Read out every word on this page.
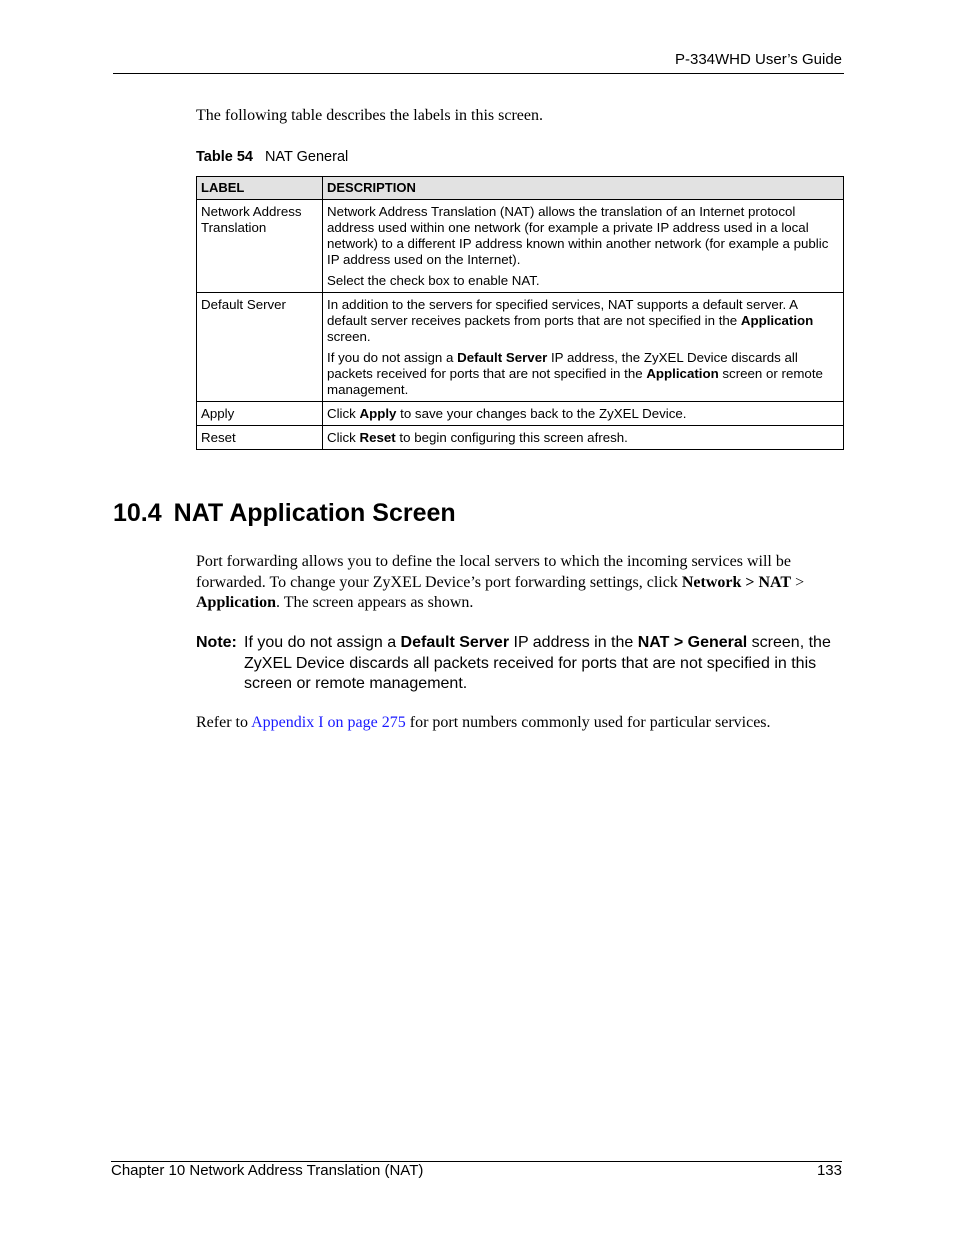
P-334WHD User’s Guide
The following table describes the labels in this screen.
Table 54 NAT General
LABEL	DESCRIPTION
Network Address Translation	Network Address Translation (NAT) allows the translation of an Internet protocol address used within one network (for example a private IP address used in a local network) to a different IP address known within another network (for example a public IP address used on the Internet).

Select the check box to enable NAT.

Default Server	In addition to the servers for specified services, NAT supports a default server. A default server receives packets from ports that are not specified in the Application screen.

If you do not assign a Default Server IP address, the ZyXEL Device discards all packets received for ports that are not specified in the Application screen or remote management.

Apply	Click Apply to save your changes back to the ZyXEL Device.
Reset	Click Reset to begin configuring this screen afresh.
10.4 NAT Application Screen

Port forwarding allows you to define the local servers to which the incoming services will be forwarded. To change your ZyXEL Device’s port forwarding settings, click Network > NAT > Application. The screen appears as shown.

Note: If you do not assign a Default Server IP address in the NAT > General screen, the ZyXEL Device discards all packets received for ports that are not specified in this screen or remote management.
Refer to Appendix I on page 275 for port numbers commonly used for particular services.
Chapter 10 Network Address Translation (NAT)	133
